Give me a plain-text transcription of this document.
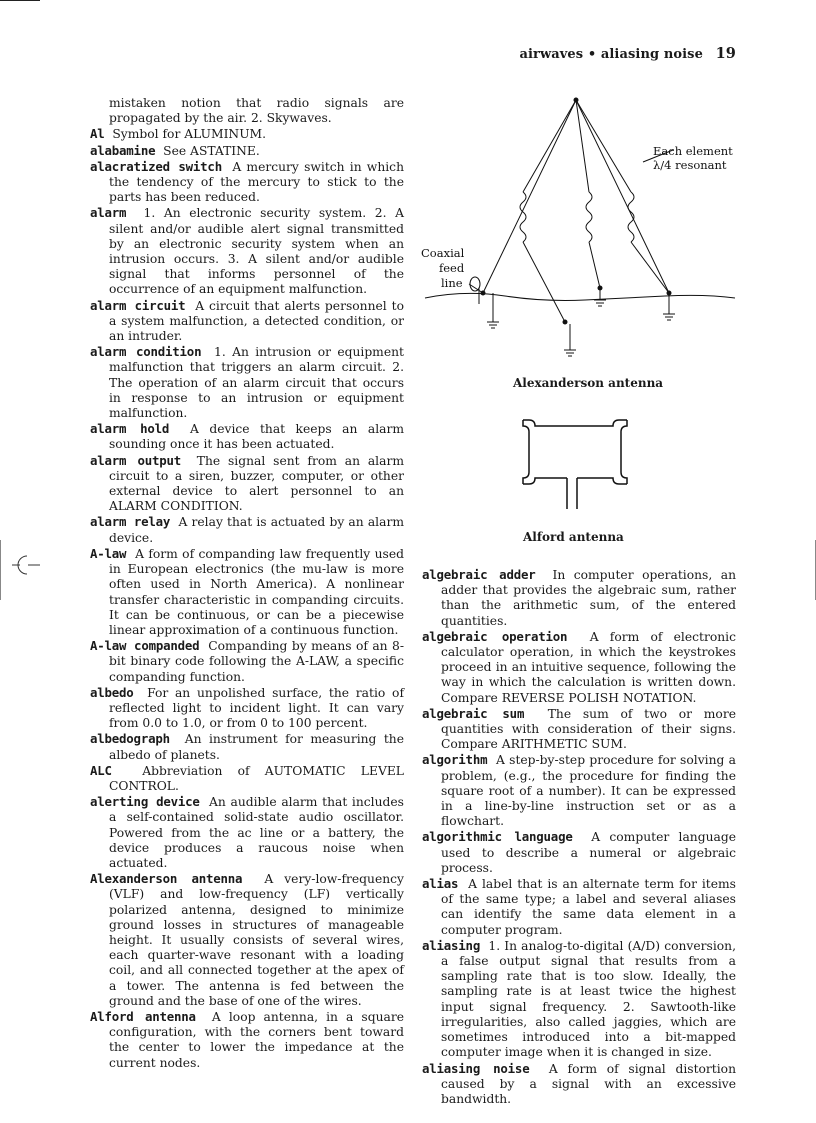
airwaves • aliasing noise 19

mistaken notion that radio signals are propagated by the air. 2. Skywaves.

Al Symbol for ALUMINUM.

alabamine See ASTATINE.

alacratized switch A mercury switch in which the tendency of the mercury to stick to the parts has been reduced.

alarm 1. An electronic security system. 2. A silent and/or audible alert signal transmitted by an electronic security system when an intrusion occurs. 3. A silent and/or audible signal that informs personnel of the occurrence of an equipment malfunction.

alarm circuit A circuit that alerts personnel to a system malfunction, a detected condition, or an intruder.

alarm condition 1. An intrusion or equipment malfunction that triggers an alarm circuit. 2. The operation of an alarm circuit that occurs in response to an intrusion or equipment malfunction.

alarm hold A device that keeps an alarm sounding once it has been actuated.

alarm output The signal sent from an alarm circuit to a siren, buzzer, computer, or other external device to alert personnel to an ALARM CONDITION.

alarm relay A relay that is actuated by an alarm device.

A-law A form of companding law frequently used in European electronics (the mu-law is more often used in North America). A nonlinear transfer characteristic in companding circuits. It can be continuous, or can be a piecewise linear approximation of a continuous function.

A-law companded Companding by means of an 8-bit binary code following the A-LAW, a specific companding function.

albedo For an unpolished surface, the ratio of reflected light to incident light. It can vary from 0.0 to 1.0, or from 0 to 100 percent.

albedograph An instrument for measuring the albedo of planets.

ALC Abbreviation of AUTOMATIC LEVEL CONTROL.

alerting device An audible alarm that includes a self-contained solid-state audio oscillator. Powered from the ac line or a battery, the device produces a raucous noise when actuated.

Alexanderson antenna A very-low-frequency (VLF) and low-frequency (LF) vertically polarized antenna, designed to minimize ground losses in structures of manageable height. It usually consists of several wires, each quarter-wave resonant with a loading coil, and all connected together at the apex of a tower. The antenna is fed between the ground and the base of one of the wires.

Alford antenna A loop antenna, in a square configuration, with the corners bent toward the center to lower the impedance at the current nodes.

Each element
λ/4 resonant
Coaxial
feed
line
Alexanderson antenna
Alford antenna

algebraic adder In computer operations, an adder that provides the algebraic sum, rather than the arithmetic sum, of the entered quantities.

algebraic operation A form of electronic calculator operation, in which the keystrokes proceed in an intuitive sequence, following the way in which the calculation is written down. Compare REVERSE POLISH NOTATION.

algebraic sum The sum of two or more quantities with consideration of their signs. Compare ARITHMETIC SUM.

algorithm A step-by-step procedure for solving a problem, (e.g., the procedure for finding the square root of a number). It can be expressed in a line-by-line instruction set or as a flowchart.

algorithmic language A computer language used to describe a numeral or algebraic process.

alias A label that is an alternate term for items of the same type; a label and several aliases can identify the same data element in a computer program.

aliasing 1. In analog-to-digital (A/D) conversion, a false output signal that results from a sampling rate that is too slow. Ideally, the sampling rate is at least twice the highest input signal frequency. 2. Sawtooth-like irregularities, also called jaggies, which are sometimes introduced into a bit-mapped computer image when it is changed in size.

aliasing noise A form of signal distortion caused by a signal with an excessive bandwidth.
